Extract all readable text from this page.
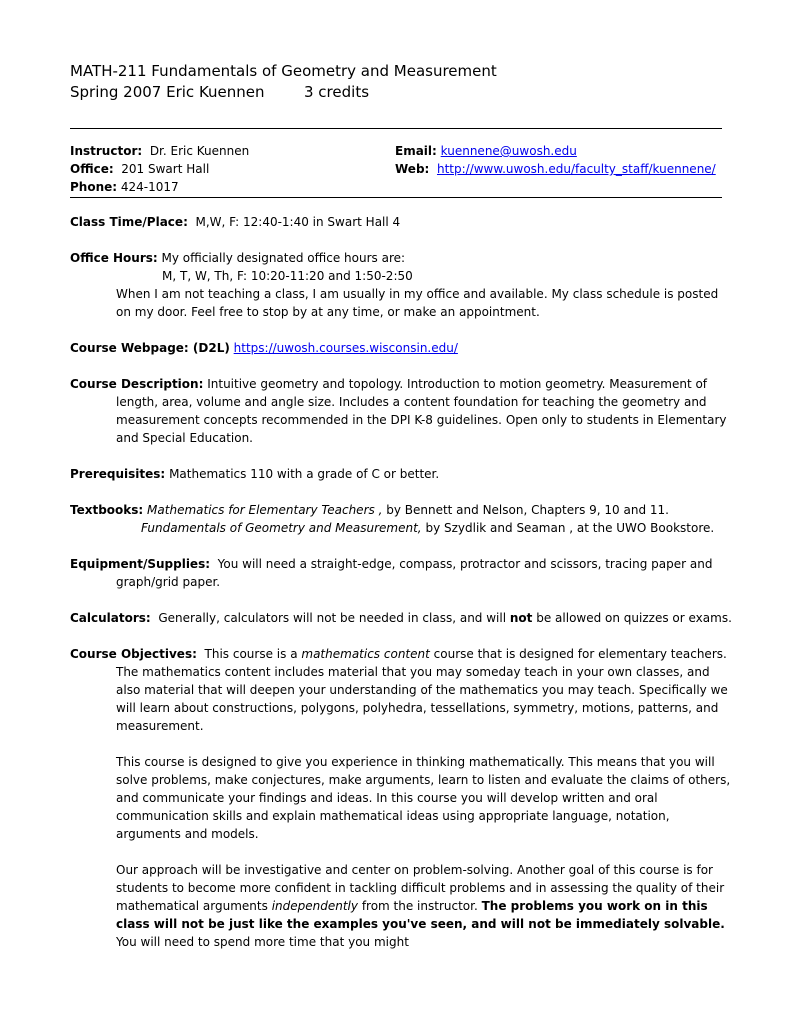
MATH-211 Fundamentals of Geometry and Measurement
Spring 2007 Eric Kuennen	3 credits
Instructor: Dr. Eric Kuennen
Office: 201 Swart Hall
Phone: 424-1017
Email: kuennene@uwosh.edu
Web: http://www.uwosh.edu/faculty_staff/kuennene/

Class Time/Place: M,W, F: 12:40-1:40 in Swart Hall 4

Office Hours: My officially designated office hours are:

M, T, W, Th, F: 10:20-11:20 and 1:50-2:50

When I am not teaching a class, I am usually in my office and available. My class schedule is posted on my door. Feel free to stop by at any time, or make an appointment.

Course Webpage: (D2L) https://uwosh.courses.wisconsin.edu/

Course Description: Intuitive geometry and topology. Introduction to motion geometry. Measurement of length, area, volume and angle size. Includes a content foundation for teaching the geometry and measurement concepts recommended in the DPI K-8 guidelines. Open only to students in Elementary and Special Education.

Prerequisites: Mathematics 110 with a grade of C or better.

Textbooks: Mathematics for Elementary Teachers , by Bennett and Nelson, Chapters 9, 10 and 11.

Fundamentals of Geometry and Measurement, by Szydlik and Seaman , at the UWO Bookstore.

Equipment/Supplies: You will need a straight-edge, compass, protractor and scissors, tracing paper and graph/grid paper.

Calculators: Generally, calculators will not be needed in class, and will not be allowed on quizzes or exams.

Course Objectives: This course is a mathematics content course that is designed for elementary teachers. The mathematics content includes material that you may someday teach in your own classes, and also material that will deepen your understanding of the mathematics you may teach. Specifically we will learn about constructions, polygons, polyhedra, tessellations, symmetry, motions, patterns, and measurement.

This course is designed to give you experience in thinking mathematically. This means that you will solve problems, make conjectures, make arguments, learn to listen and evaluate the claims of others, and communicate your findings and ideas. In this course you will develop written and oral communication skills and explain mathematical ideas using appropriate language, notation, arguments and models.

Our approach will be investigative and center on problem-solving. Another goal of this course is for students to become more confident in tackling difficult problems and in assessing the quality of their mathematical arguments independently from the instructor. The problems you work on in this class will not be just like the examples you've seen, and will not be immediately solvable. You will need to spend more time that you might
